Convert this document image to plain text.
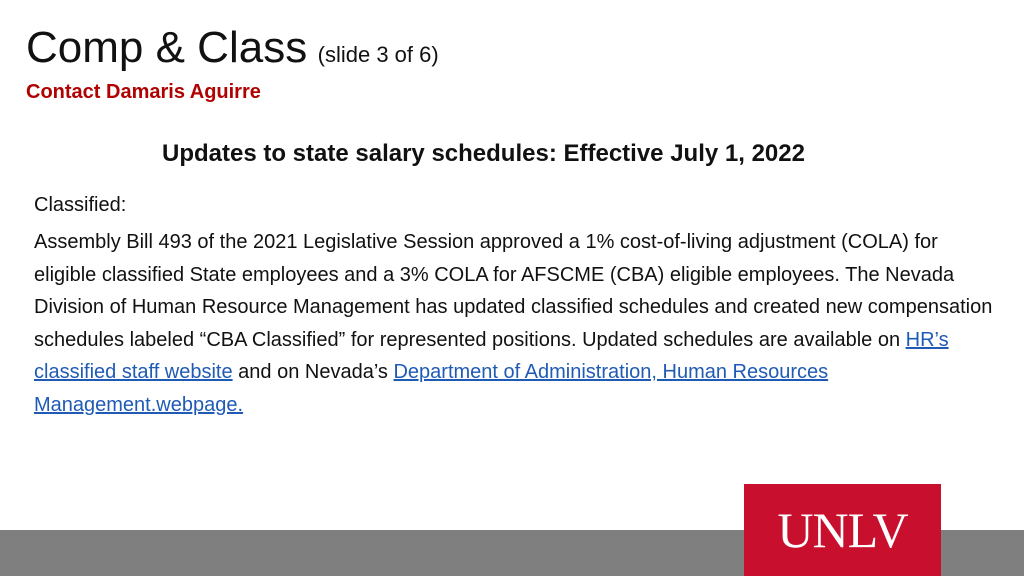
Comp & Class (slide 3 of 6)
Contact Damaris Aguirre
Updates to state salary schedules: Effective July 1, 2022
Classified:
Assembly Bill 493 of the 2021 Legislative Session approved a 1% cost-of-living adjustment (COLA) for eligible classified State employees and a 3% COLA for AFSCME (CBA) eligible employees. The Nevada Division of Human Resource Management has updated classified schedules and created new compensation schedules labeled “CBA Classified” for represented positions. Updated schedules are available on HR’s classified staff website and on Nevada’s Department of Administration, Human Resources Management.webpage.
UNLV
